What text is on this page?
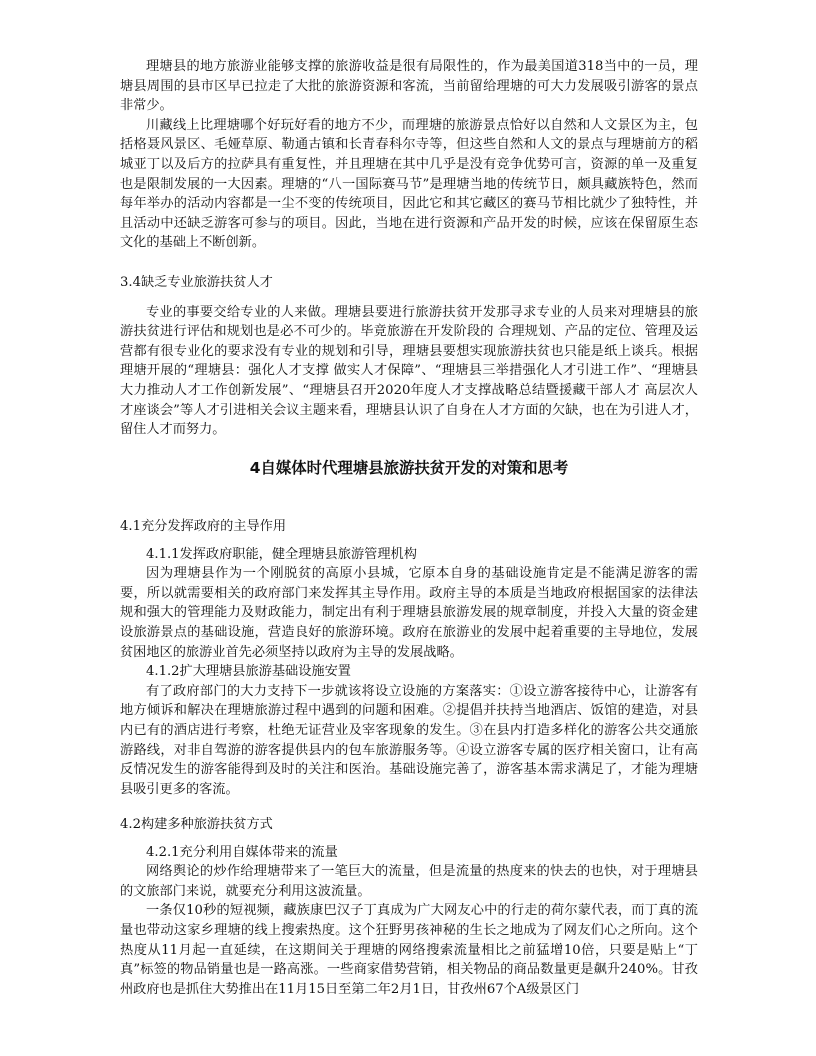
理塘县的地方旅游业能够支撑的旅游收益是很有局限性的，作为最美国道318当中的一员，理塘县周围的县市区早已拉走了大批的旅游资源和客流，当前留给理塘的可大力发展吸引游客的景点非常少。

川藏线上比理塘哪个好玩好看的地方不少，而理塘的旅游景点恰好以自然和人文景区为主，包括格聂风景区、毛娅草原、勒通古镇和长青春科尔寺等，但这些自然和人文的景点与理塘前方的稻城亚丁以及后方的拉萨具有重复性，并且理塘在其中几乎是没有竞争优势可言，资源的单一及重复也是限制发展的一大因素。理塘的“八一国际赛马节”是理塘当地的传统节日，颇具藏族特色，然而每年举办的活动内容都是一尘不变的传统项目，因此它和其它藏区的赛马节相比就少了独特性，并且活动中还缺乏游客可参与的项目。因此，当地在进行资源和产品开发的时候，应该在保留原生态文化的基础上不断创新。

3.4缺乏专业旅游扶贫人才

专业的事要交给专业的人来做。理塘县要进行旅游扶贫开发那寻求专业的人员来对理塘县的旅游扶贫进行评估和规划也是必不可少的。毕竟旅游在开发阶段的 合理规划、产品的定位、管理及运营都有很专业化的要求没有专业的规划和引导，理塘县要想实现旅游扶贫也只能是纸上谈兵。根据理塘开展的“理塘县：强化人才支撑 做实人才保障”、“理塘县三举措强化人才引进工作”、“理塘县大力推动人才工作创新发展”、“理塘县召开2020年度人才支撑战略总结暨援藏干部人才 高层次人才座谈会”等人才引进相关会议主题来看，理塘县认识了自身在人才方面的欠缺，也在为引进人才，留住人才而努力。

4自媒体时代理塘县旅游扶贫开发的对策和思考

4.1充分发挥政府的主导作用

4.1.1发挥政府职能，健全理塘县旅游管理机构

因为理塘县作为一个刚脱贫的高原小县城，它原本自身的基础设施肯定是不能满足游客的需要，所以就需要相关的政府部门来发挥其主导作用。政府主导的本质是当地政府根据国家的法律法规和强大的管理能力及财政能力，制定出有利于理塘县旅游发展的规章制度，并投入大量的资金建设旅游景点的基础设施，营造良好的旅游环境。政府在旅游业的发展中起着重要的主导地位，发展贫困地区的旅游业首先必须坚持以政府为主导的发展战略。

4.1.2扩大理塘县旅游基础设施安置

有了政府部门的大力支持下一步就该将设立设施的方案落实：①设立游客接待中心，让游客有地方倾诉和解决在理塘旅游过程中遇到的问题和困难。②提倡并扶持当地酒店、饭馆的建造，对县内已有的酒店进行考察，杜绝无证营业及宰客现象的发生。③在县内打造多样化的游客公共交通旅游路线，对非自驾游的游客提供县内的包车旅游服务等。④设立游客专属的医疗相关窗口，让有高反情况发生的游客能得到及时的关注和医治。基础设施完善了，游客基本需求满足了，才能为理塘县吸引更多的客流。

4.2构建多种旅游扶贫方式

4.2.1充分利用自媒体带来的流量

网络舆论的炒作给理塘带来了一笔巨大的流量，但是流量的热度来的快去的也快，对于理塘县的文旅部门来说，就要充分利用这波流量。

一条仅10秒的短视频，藏族康巴汉子丁真成为广大网友心中的行走的荷尔蒙代表，而丁真的流量也带动这家乡理塘的线上搜索热度。这个狂野男孩神秘的生长之地成为了网友们心之所向。这个热度从11月起一直延续，在这期间关于理塘的网络搜索流量相比之前猛增10倍，只要是贴上“丁真”标签的物品销量也是一路高涨。一些商家借势营销，相关物品的商品数量更是飙升240%。甘孜州政府也是抓住大势推出在11月15日至第二年2月1日，甘孜州67个A级景区门
